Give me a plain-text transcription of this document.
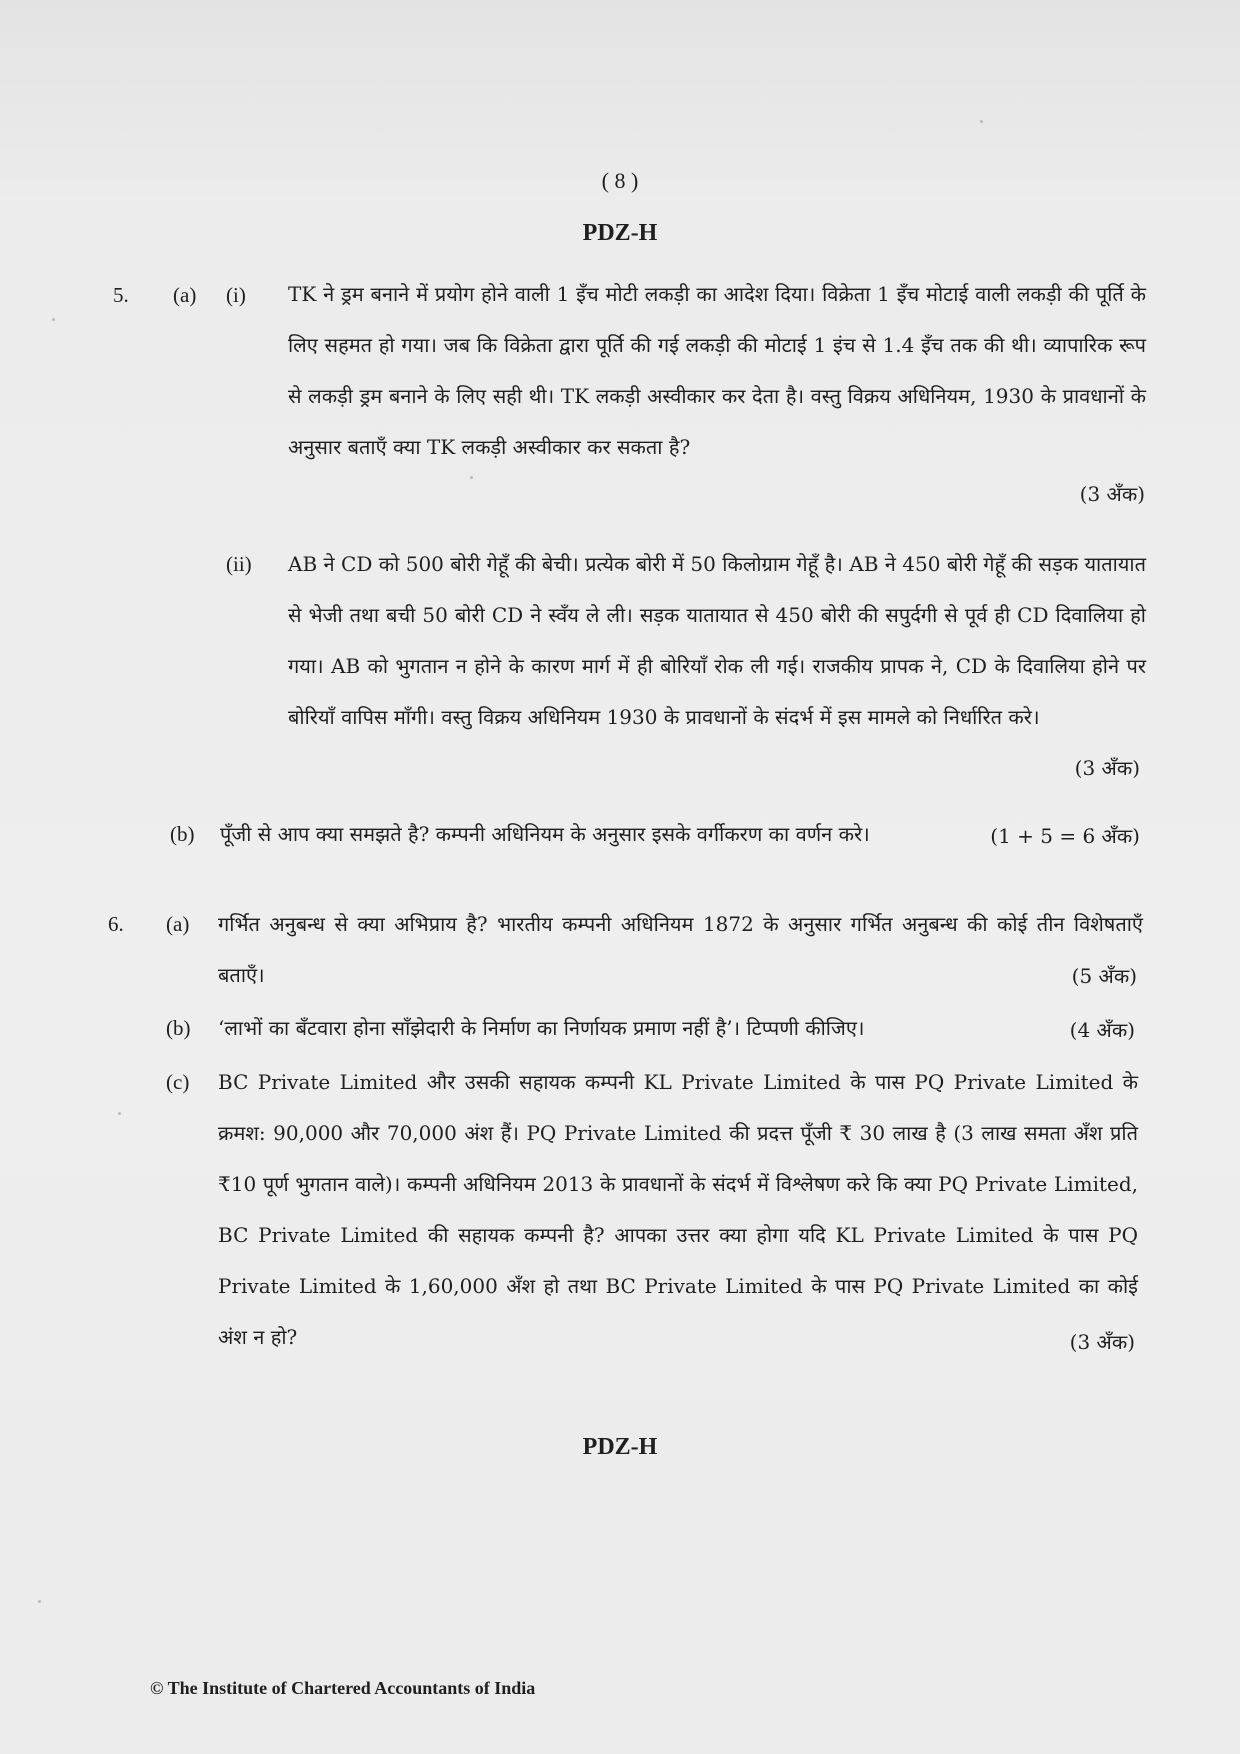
( 8 )
PDZ-H
5. (a) (i) TK ने ड्रम बनाने में प्रयोग होने वाली 1 इँच मोटी लकड़ी का आदेश दिया। विक्रेता 1 इँच मोटाई वाली लकड़ी की पूर्ति के लिए सहमत हो गया। जब कि विक्रेता द्वारा पूर्ति की गई लकड़ी की मोटाई 1 इंच से 1.4 इँच तक की थी। व्यापारिक रूप से लकड़ी ड्रम बनाने के लिए सही थी। TK लकड़ी अस्वीकार कर देता है। वस्तु विक्रय अधिनियम, 1930 के प्रावधानों के अनुसार बताएँ क्या TK लकड़ी अस्वीकार कर सकता है?

(3 अँक)
(ii) AB ने CD को 500 बोरी गेहूँ की बेची। प्रत्येक बोरी में 50 किलोग्राम गेहूँ है। AB ने 450 बोरी गेहूँ की सड़क यातायात से भेजी तथा बची 50 बोरी CD ने स्वँय ले ली। सड़क यातायात से 450 बोरी की सपुर्दगी से पूर्व ही CD दिवालिया हो गया। AB को भुगतान न होने के कारण मार्ग में ही बोरियाँ रोक ली गई। राजकीय प्रापक ने, CD के दिवालिया होने पर बोरियाँ वापिस माँगी। वस्तु विक्रय अधिनियम 1930 के प्रावधानों के संदर्भ में इस मामले को निर्धारित करे।

(3 अँक)
(b) पूँजी से आप क्या समझते है? कम्पनी अधिनियम के अनुसार इसके वर्गीकरण का वर्णन करे।	(1 + 5 = 6 अँक)
6. (a) गर्भित अनुबन्ध से क्या अभिप्राय है? भारतीय कम्पनी अधिनियम 1872 के अनुसार गर्भित अनुबन्ध की कोई तीन विशेषताएँ बताएँ।	(5 अँक)
(b) ‘लाभों का बँटवारा होना साँझेदारी के निर्माण का निर्णायक प्रमाण नहीं है’। टिप्पणी कीजिए।	(4 अँक)
(c) BC Private Limited और उसकी सहायक कम्पनी KL Private Limited के पास PQ Private Limited के क्रमश: 90,000 और 70,000 अंश हैं। PQ Private Limited की प्रदत्त पूँजी ₹ 30 लाख है (3 लाख समता अँश प्रति ₹10 पूर्ण भुगतान वाले)। कम्पनी अधिनियम 2013 के प्रावधानों के संदर्भ में विश्लेषण करे कि क्या PQ Private Limited, BC Private Limited की सहायक कम्पनी है? आपका उत्तर क्या होगा यदि KL Private Limited के पास PQ Private Limited के 1,60,000 अँश हो तथा BC Private Limited के पास PQ Private Limited का कोई अंश न हो?	(3 अँक)
PDZ-H
© The Institute of Chartered Accountants of India
